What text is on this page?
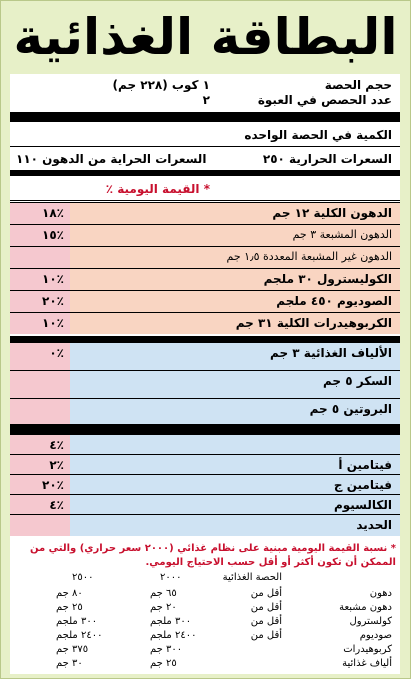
البطاقة الغذائية
حجم الحصة
١ كوب (٢٢٨ جم)
عدد الحصص في العبوة
٢
الكمية في الحصة الواحده
السعرات الحرارية ٢٥٠
السعرات الحراية من الدهون ١١٠
* القيمة اليومية ٪
الدهون الكلية ١٢ جم
٪١٨
الدهون المشبعة ٣ جم
٪١٥
الدهون غير المشبعة المعددة ١٫٥ جم
الكوليسترول ٣٠ ملجم
٪١٠
الصوديوم ٤٥٠ ملجم
٪٢٠
الكربوهيدرات الكلية ٣١ جم
٪١٠
الألياف الغذائية ٣ جم
٪٠
السكر ٥ جم
البروتين ٥ جم
٪٤
فيتامين أ
٪٢
فيتامين ج
٪٢٠
الكالسيوم
٪٤
الحديد
* نسبة القيمة اليومية مبنية على نظام غذائي (٢٠٠٠ سعر حراري) والتي من الممكن أن تكون أكثر أو أقل حسب الاحتياج اليومي.
الحصة الغذائية
٢٠٠٠
٢٥٠٠
دهون
أقل من
٦٥ جم
٨٠ جم
دهون مشبعة
أقل من
٢٠ جم
٢٥ جم
كولسترول
أقل من
٣٠٠ ملجم
٣٠٠ ملجم
صوديوم
أقل من
٢٤٠٠ ملجم
٢٤٠٠ ملجم
كربوهيدرات
٣٠٠ جم
٣٧٥ جم
ألياف غذائية
٢٥ جم
٣٠ جم
